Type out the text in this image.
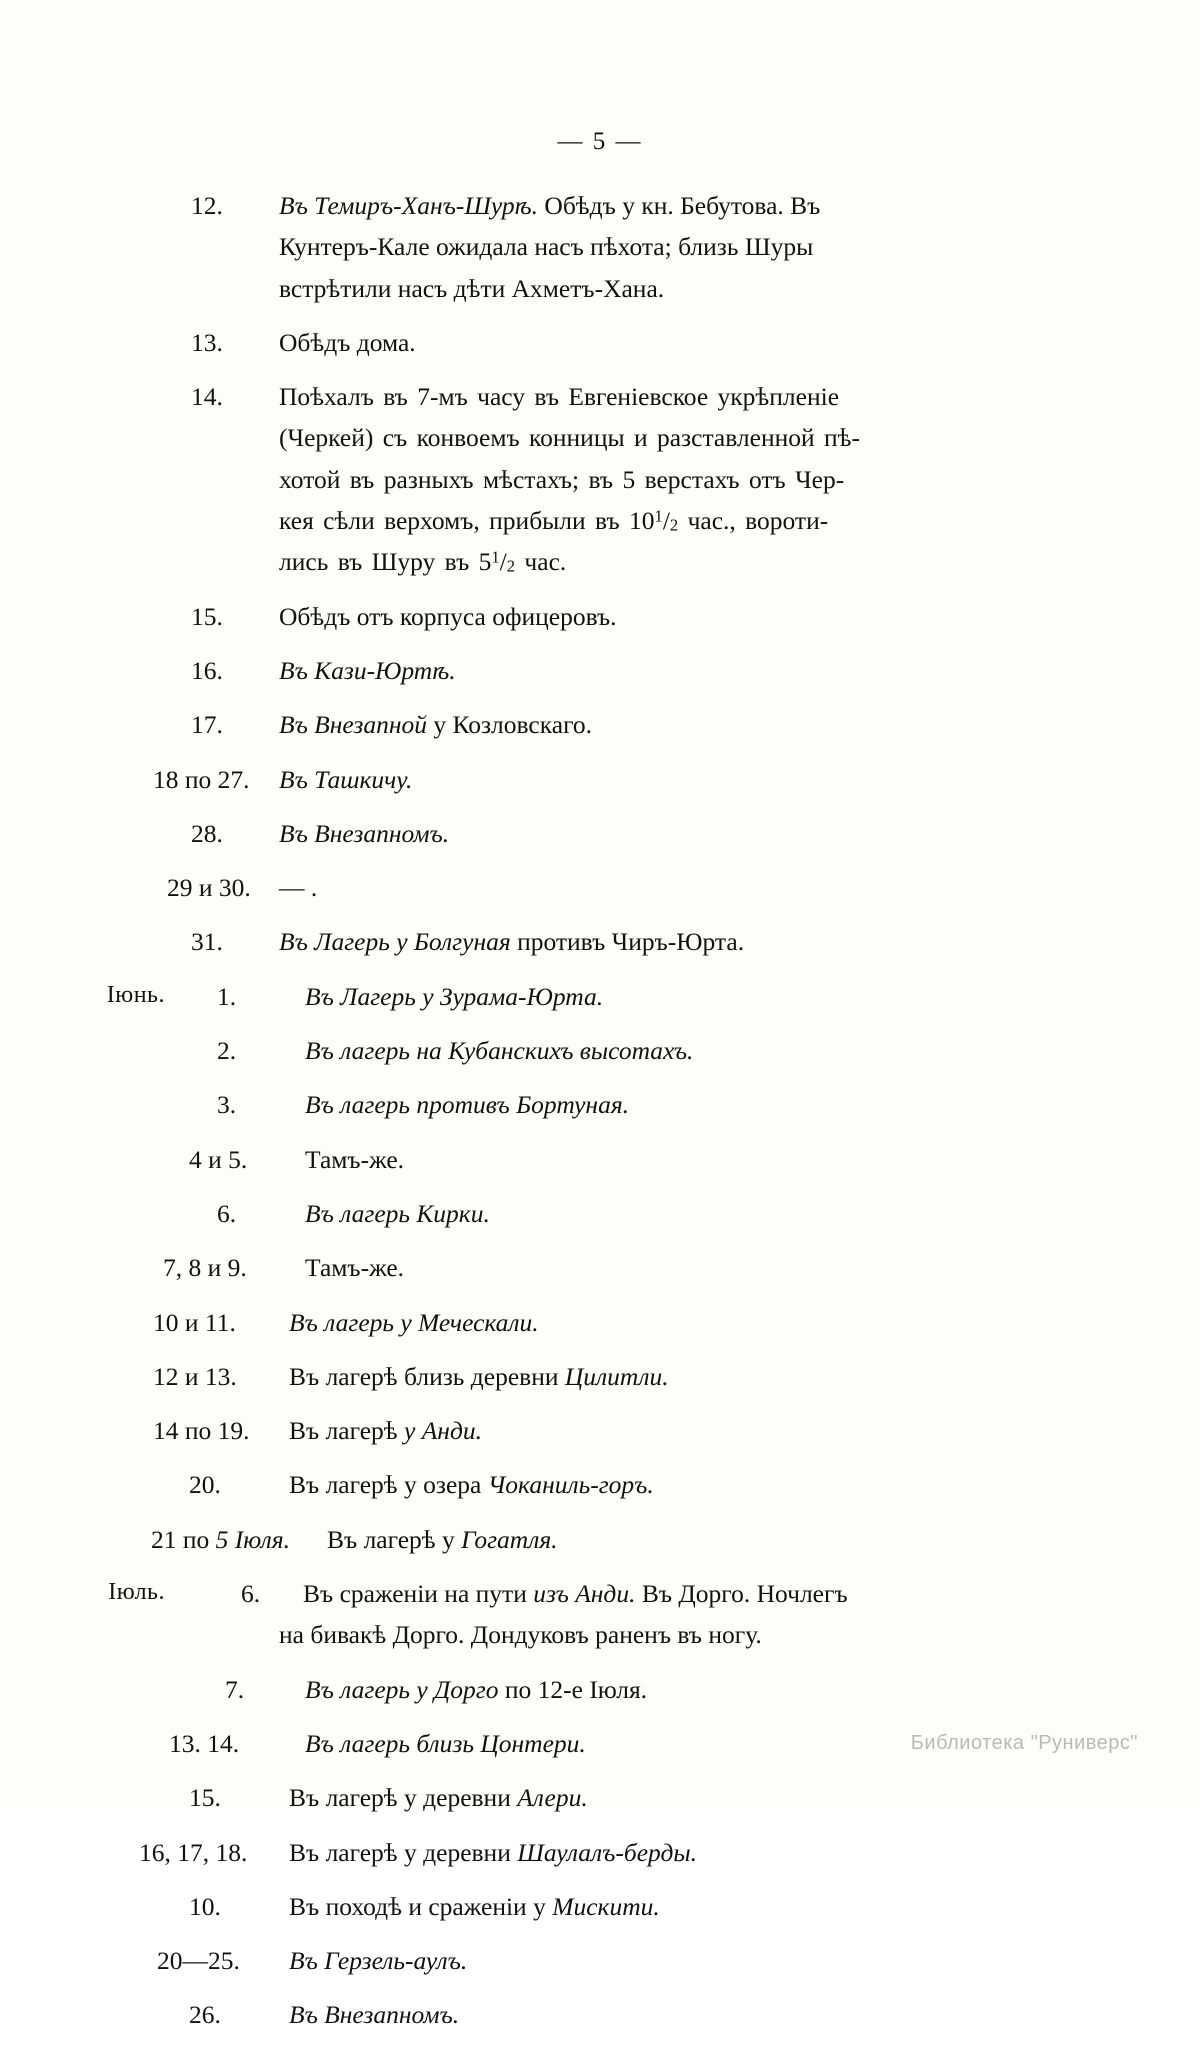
— 5 —
12. Въ Темиръ-Ханъ-Шурѣ. Обѣдъ у кн. Бебутова. Въ
Кунтеръ-Кале ожидала насъ пѣхота; близь Шуры
встрѣтили насъ дѣти Ахметъ-Хана.
13. Обѣдъ дома.
14. Поѣхалъ въ 7-мъ часу въ Евгеніевское укрѣпленіе
(Черкей) съ конвоемъ конницы и разставленной пѣ-
хотой въ разныхъ мѣстахъ; въ 5 верстахъ отъ Чер-
кея сѣли верхомъ, прибыли въ $10^1/_2$ час., вороти-
лись въ Шуру въ $5^1/_2$ час.
15. Обѣдъ отъ корпуса офицеровъ.
16. Въ Кази-Юртѣ.
17. Въ Внезапной у Козловскаго.
18 по 27. Въ Ташкичу.
28. Въ Внезапномъ.
29 и 30. — .
31. Въ Лагерь у Болгуная противъ Чиръ-Юрта.
Iюнь. 1.	Въ Лагерь у Зурама-Юрта.
2.	Въ лагерь на Кубанскихъ высотахъ.
3.	Въ лагерь противъ Бортуная.
4 и 5. Тамъ-же.
6.	Въ лагерь Кирки.
7, 8 и 9. Тамъ-же.
10 и 11. Въ лагерь у Меческали.
12 и 13. Въ лагерѣ близь деревни Цилитли.
14 по 19. Въ лагерѣ у Анди.
20.	Въ лагерѣ у озера Чоканиль-горъ.
21 по 5 Iюля. Въ лагерѣ у Гогатля.
Iюль.	6. Въ сраженіи на пути изъ Анди. Въ Дорго. Ночлегъ
на бивакѣ Дорго. Дондуковъ раненъ въ ногу.
7. Въ лагерь у Дорго по 12-е Iюля.
13. 14.	Въ лагерь близь Цонтери.
15.	Въ лагерѣ у деревни Алери.
16, 17, 18. Въ лагерѣ у деревни Шаулалъ-берды.
10.	Въ походѣ и сраженіи у Мискити.
20—25. Въ Герзель-аулъ.
26.	Въ Внезапномъ.
Библиотека "Руниверс"
